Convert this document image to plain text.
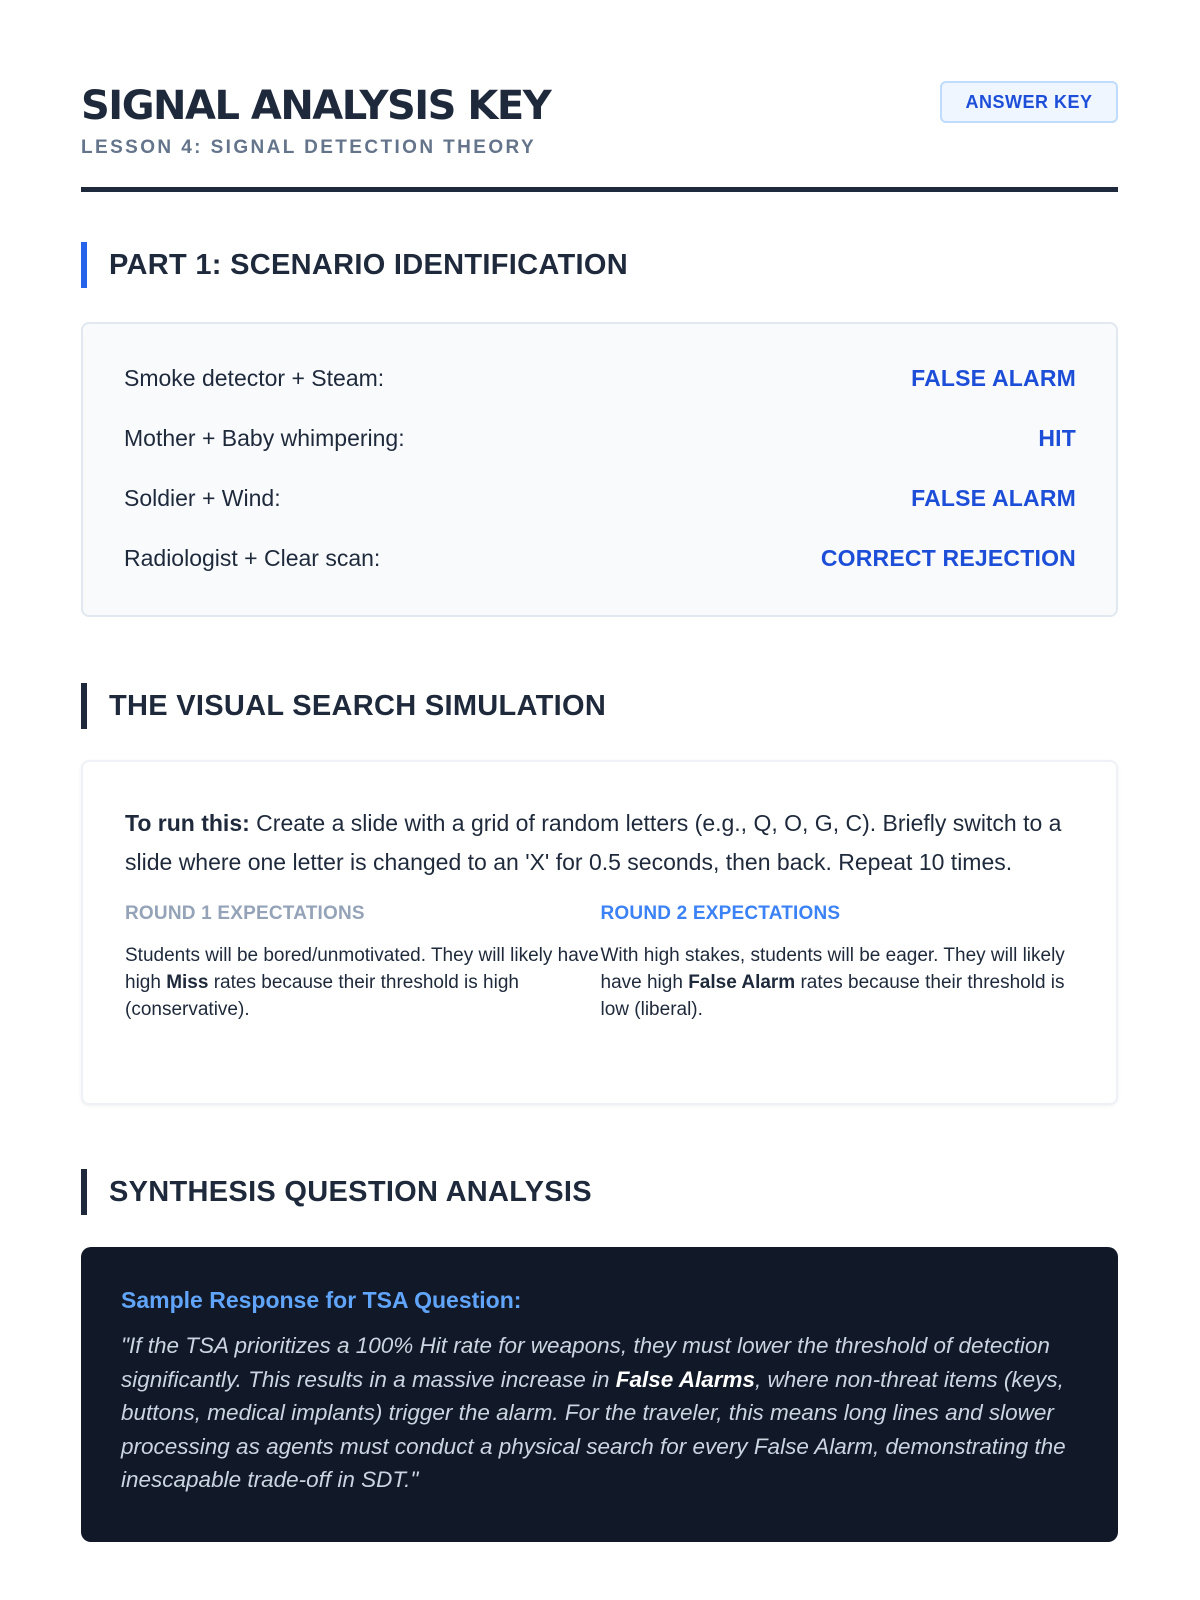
SIGNAL ANALYSIS KEY
LESSON 4: SIGNAL DETECTION THEORY
ANSWER KEY
PART 1: SCENARIO IDENTIFICATION
Smoke detector + Steam:	FALSE ALARM
Mother + Baby whimpering:	HIT
Soldier + Wind:	FALSE ALARM
Radiologist + Clear scan:	CORRECT REJECTION
THE VISUAL SEARCH SIMULATION

To run this: Create a slide with a grid of random letters (e.g., Q, O, G, C). Briefly switch to a slide where one letter is changed to an 'X' for 0.5 seconds, then back. Repeat 10 times.

ROUND 1 EXPECTATIONS

Students will be bored/unmotivated. They will likely have high Miss rates because their threshold is high (conservative).

ROUND 2 EXPECTATIONS

With high stakes, students will be eager. They will likely have high False Alarm rates because their threshold is low (liberal).

SYNTHESIS QUESTION ANALYSIS
Sample Response for TSA Question:

"If the TSA prioritizes a 100% Hit rate for weapons, they must lower the threshold of detection significantly. This results in a massive increase in False Alarms, where non-threat items (keys, buttons, medical implants) trigger the alarm. For the traveler, this means long lines and slower processing as agents must conduct a physical search for every False Alarm, demonstrating the inescapable trade-off in SDT."
